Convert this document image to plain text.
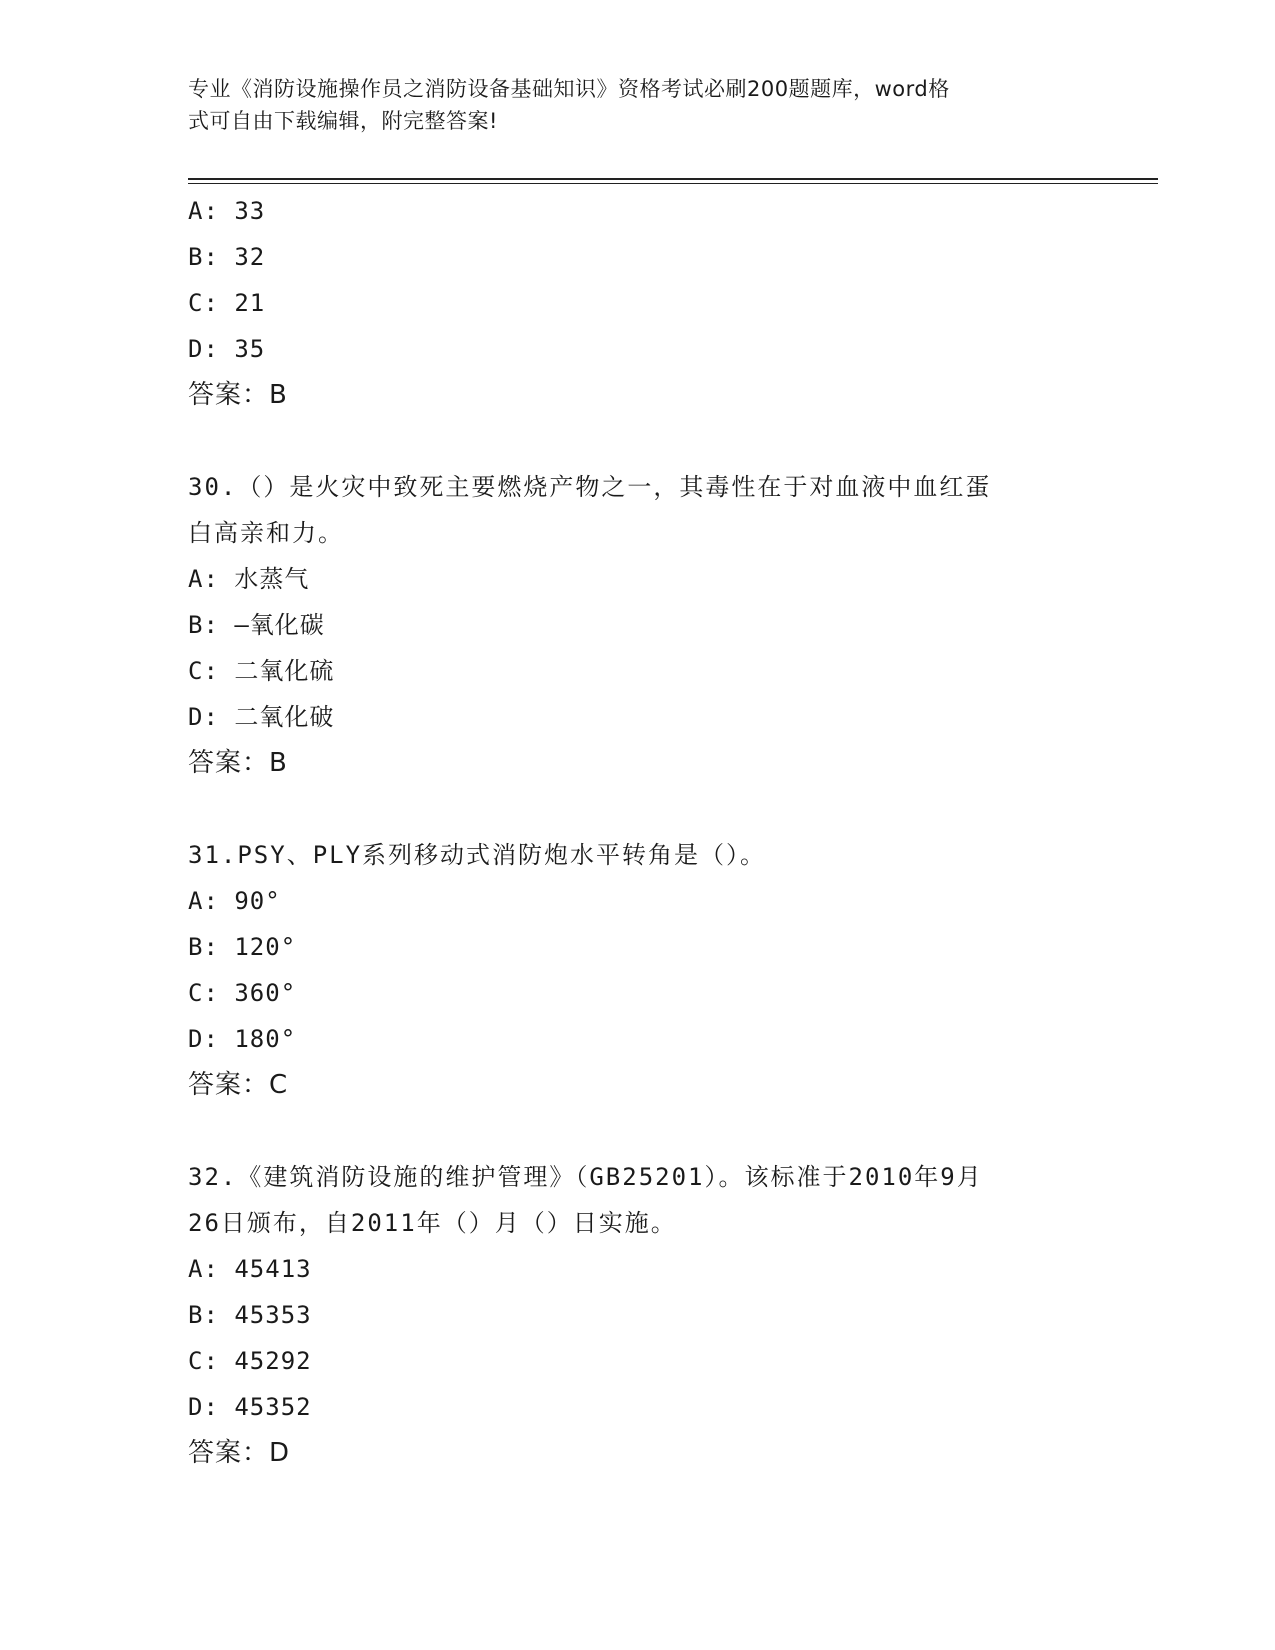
专业《消防设施操作员之消防设备基础知识》资格考试必刷200题题库，word格
式可自由下载编辑，附完整答案!
A: 33
B: 32
C: 21
D: 35
答案：B
30.（）是火灾中致死主要燃烧产物之一，其毒性在于对血液中血红蛋
白高亲和力。
A: 水蒸气
B: —氧化碳
C: 二氧化硫
D: 二氧化破
答案：B
31.PSY、PLY系列移动式消防炮水平转角是（）。
A: 90°
B: 120°
C: 360°
D: 180°
答案：C
32.《建筑消防设施的维护管理》（GB25201）。该标准于2010年9月
26日颁布，自2011年（）月（）日实施。
A: 45413
B: 45353
C: 45292
D: 45352
答案：D
